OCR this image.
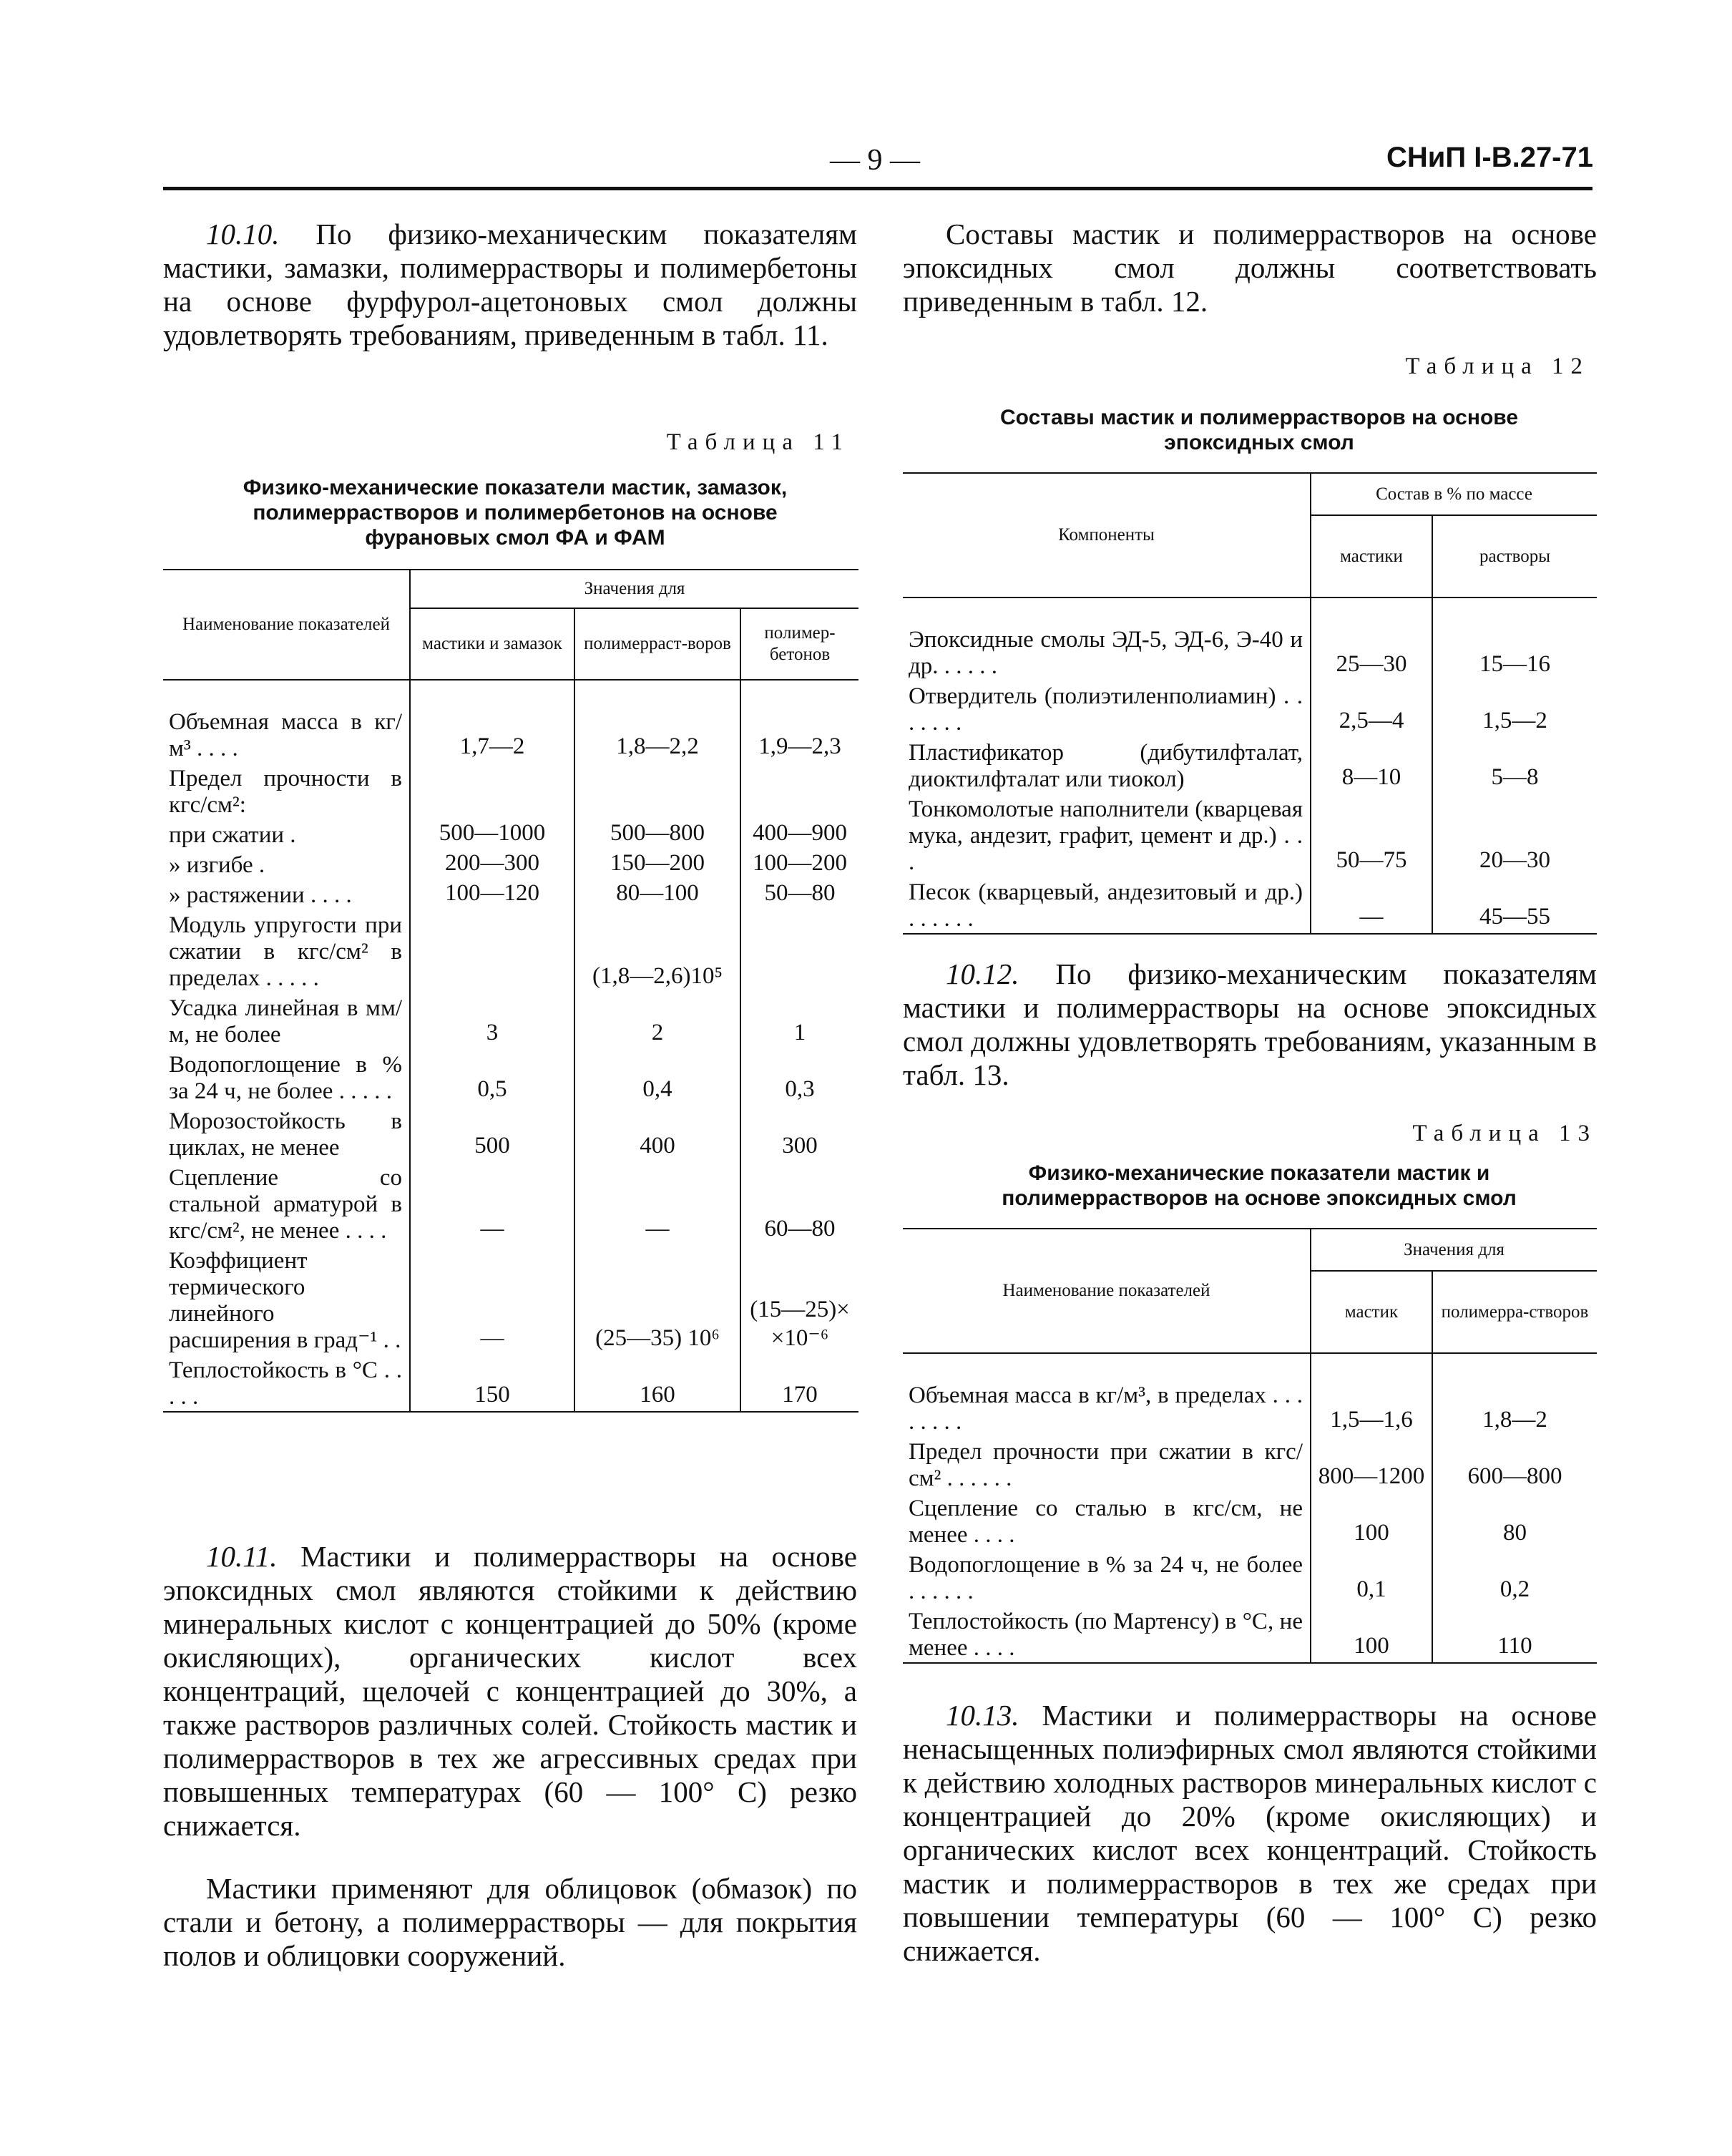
— 9 —	СНиП I-B.27-71
10.10. По физико-механическим показателям мастики, замазки, полимеррастворы и полимербетоны на основе фурфурол-ацетоновых смол должны удовлетворять требованиям, приведенным в табл. 11.
Таблица 11
Физико-механические показатели мастик, замазок, полимеррастворов и полимербетонов на основе фурановых смол ФА и ФАМ
Наименование показателей	Значения для		
	мастики и замазок	полимерраст-воров	полимер-бетонов
Объемная масса в кг/м³ . . . .	1,7—2	1,8—2,2	1,9—2,3
Предел прочности в кгс/см²:			
при сжатии .	500—1000	500—800	400—900
» изгибе .	200—300	150—200	100—200
» растяжении . . . .	100—120	80—100	50—80
Модуль упругости при сжатии в кгс/см² в пределах . . . . .		(1,8—2,6)10⁵	
Усадка линейная в мм/м, не более	3	2	1
Водопоглощение в % за 24 ч, не более . . . . .	0,5	0,4	0,3
Морозостойкость в циклах, не менее	500	400	300
Сцепление со стальной арматурой в кгс/см², не менее . . . .	—	—	60—80
Коэффициент термического линейного расширения в град⁻¹ . .	—	(25—35) 10⁶	(15—25)× ×10⁻⁶
Теплостойкость в °С . . . . .	150	160	170
10.11. Мастики и полимеррастворы на основе эпоксидных смол являются стойкими к действию минеральных кислот с концентрацией до 50% (кроме окисляющих), органических кислот всех концентраций, щелочей с концентрацией до 30%, а также растворов различных солей. Стойкость мастик и полимерраствоpов в тех же агрессивных средах при повышенных температурах (60 — 100° С) резко снижается.
Мастики применяют для облицовок (обмазок) по стали и бетону, а полимеррастворы — для покрытия полов и облицовки сооружений.
Составы мастик и полимеррастворов на основе эпоксидных смол должны соответствовать приведенным в табл. 12.
Таблица 12
Составы мастик и полимеррастворов на основе эпоксидных смол
Компоненты	Состав в % по массе	
	мастики	растворы
Эпоксидные смолы ЭД-5, ЭД-6, Э-40 и др. . . . . .	25—30	15—16
Отвердитель (полиэтиленполиамин) . . . . . . .	2,5—4	1,5—2
Пластификатор (дибутилфталат, диоктилфталат или тиокол)	8—10	5—8
Тонкомолотые наполнители (кварцевая мука, андезит, графит, цемент и др.) . . .	50—75	20—30
Песок (кварцевый, андезитовый и др.) . . . . . .	—	45—55
10.12. По физико-механическим показателям мастики и полимеррастворы на основе эпоксидных смол должны удовлетворять требованиям, указанным в табл. 13.
Таблица 13
Физико-механические показатели мастик и полимеррастворов на основе эпоксидных смол
Наименование показателей	Значения для	
	мастик	полимерра-створов
Объемная масса в кг/м³, в пределах . . . . . . . .	1,5—1,6	1,8—2
Предел прочности при сжатии в кгс/см² . . . . . .	800—1200	600—800
Сцепление со сталью в кгс/см, не менее . . . .	100	80
Водопоглощение в % за 24 ч, не более . . . . . .	0,1	0,2
Теплостойкость (по Мартенсу) в °С, не менее . . . .	100	110
10.13. Мастики и полимеррастворы на основе ненасыщенных полиэфирных смол являются стойкими к действию холодных растворов минеральных кислот с концентрацией до 20% (кроме окисляющих) и органических кислот всех концентраций. Стойкость мастик и полимеррастворов в тех же средах при повышении температуры (60 — 100° С) резко снижается.
